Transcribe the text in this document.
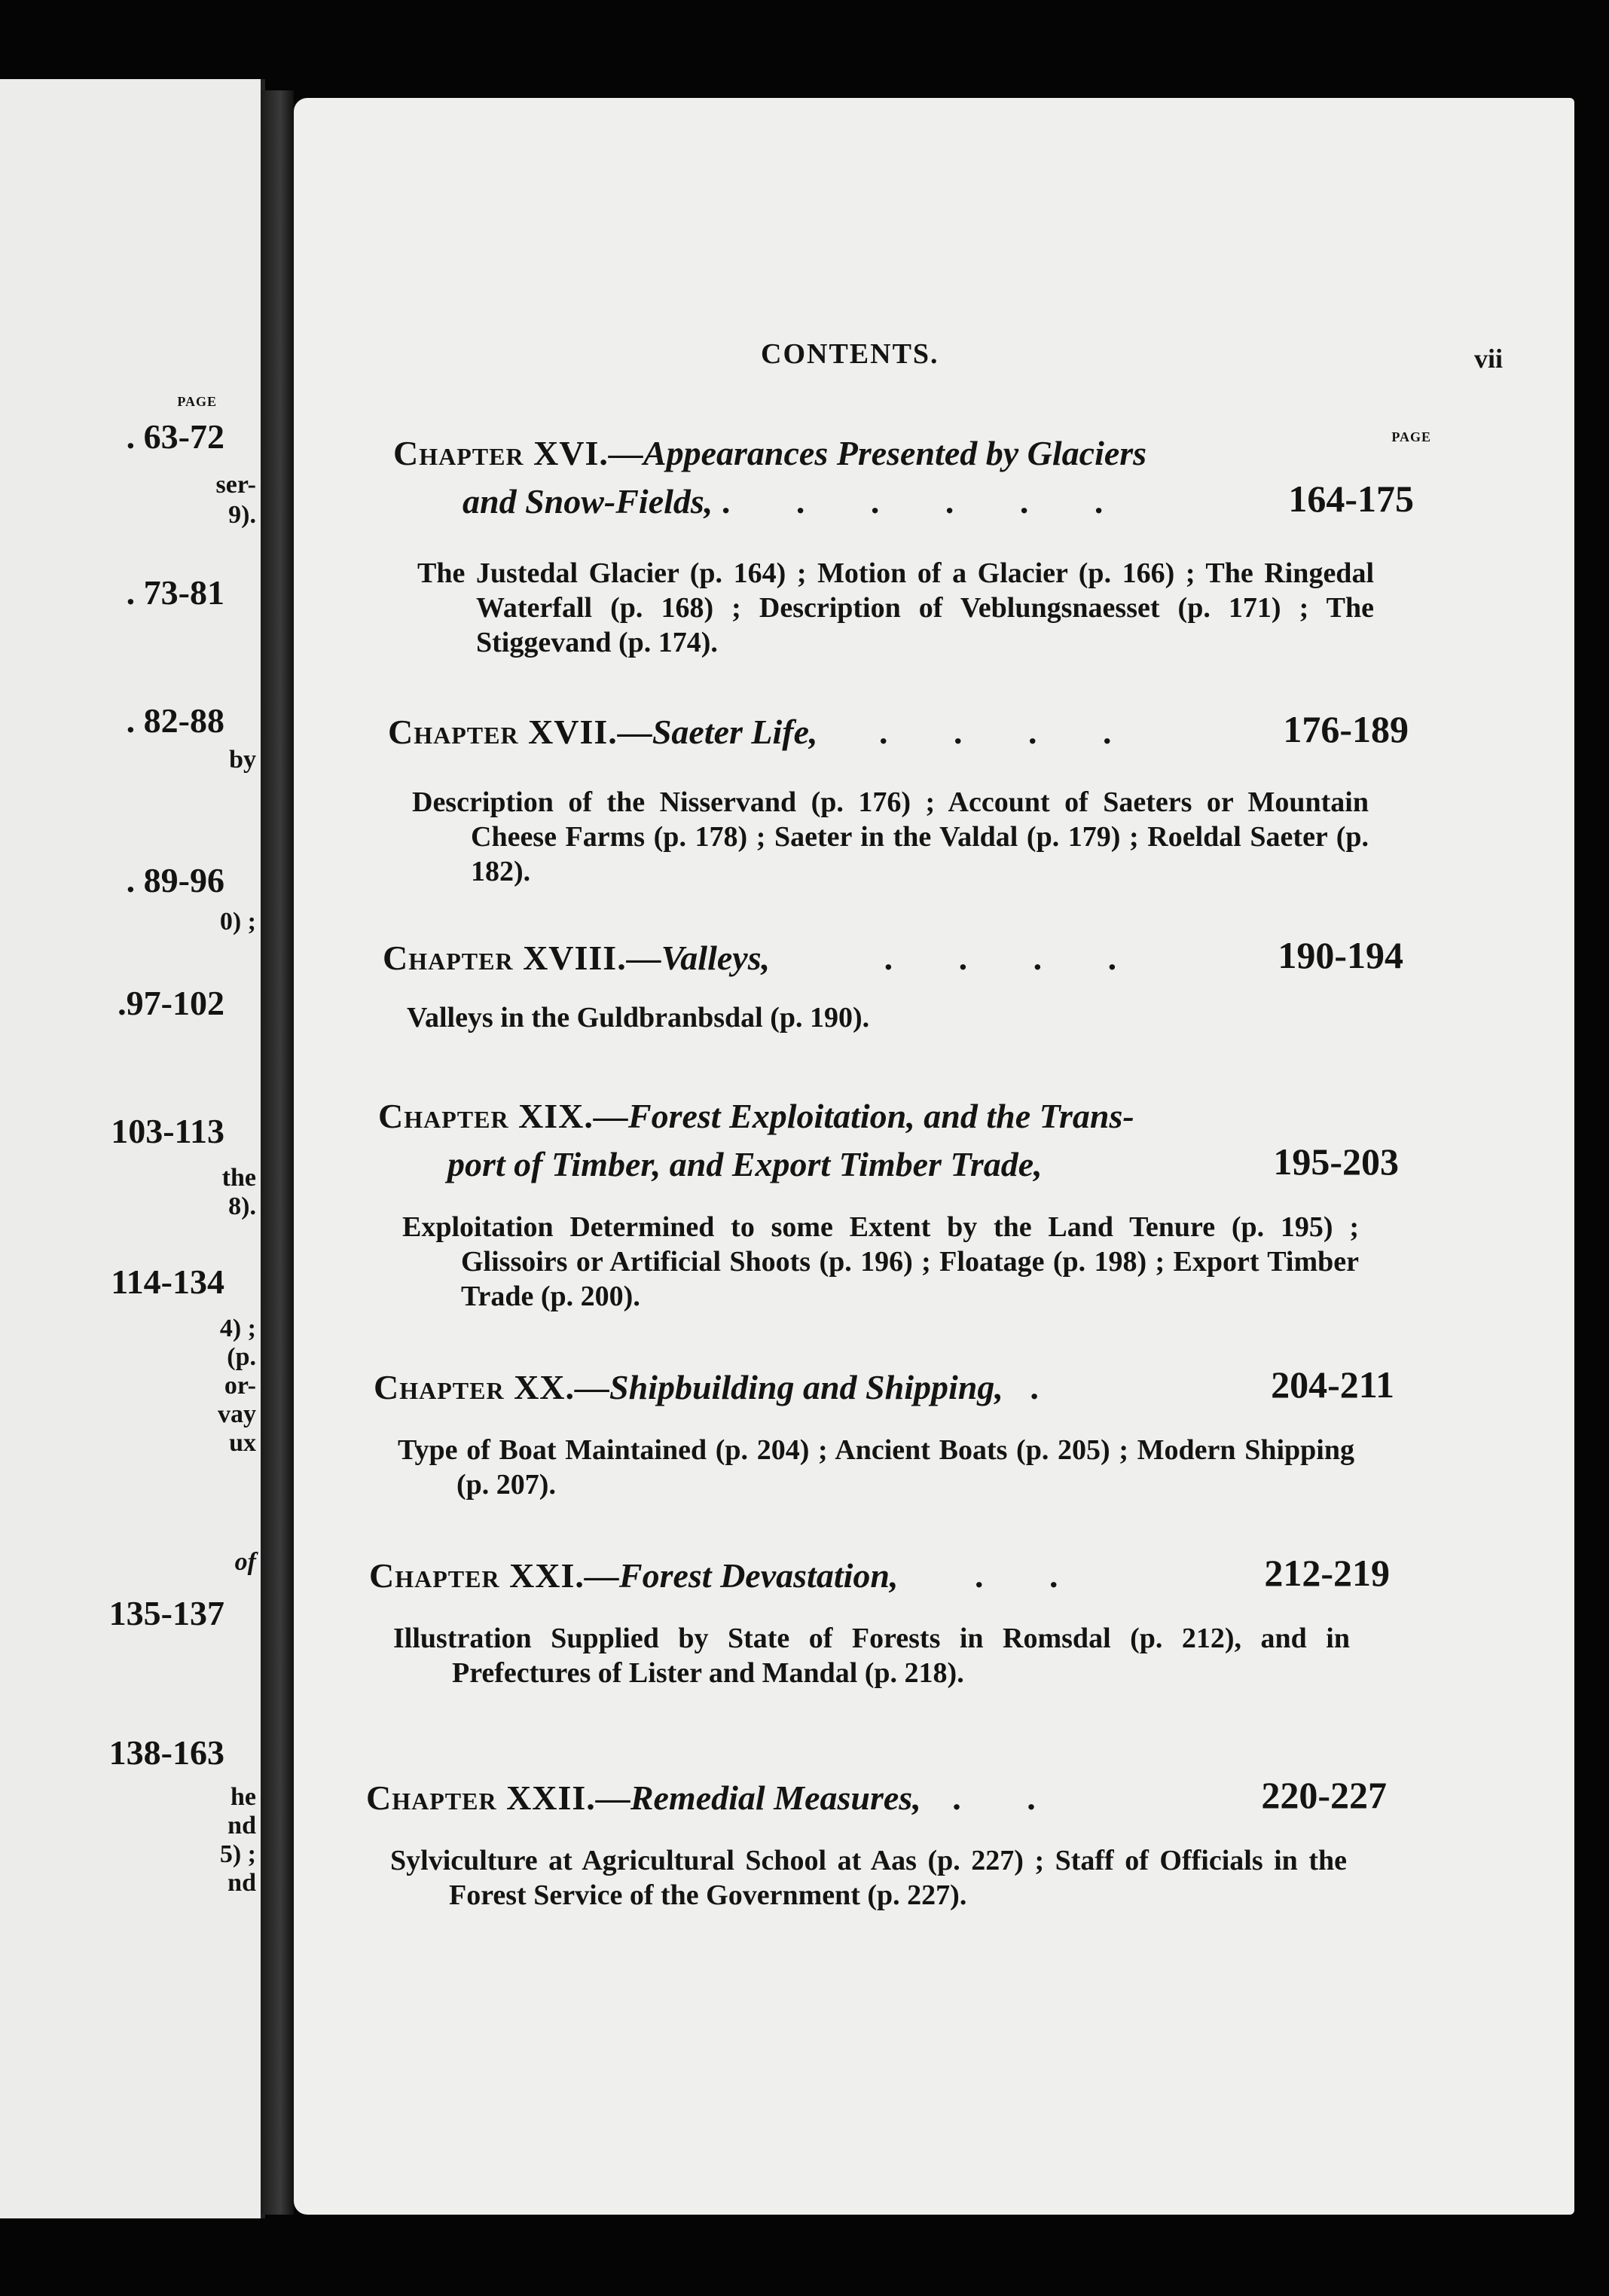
PAGE
. 63-72
ser-
9).
. 73-81
. 82-88
by
. 89-96
0) ;
.97-102
103-113
the
8).
114-134
4) ;
(p.
or-
vay
ux
of
135-137
138-163
he
nd
5) ;
nd
CONTENTS.	vii
PAGE
Chapter XVI.—Appearances Presented by Glaciers
and Snow-Fields, . . . . . .	164-175
The Justedal Glacier (p. 164) ; Motion of a Glacier (p. 166) ; The Ringedal Waterfall (p. 168) ; Description of Veblungsnaesset (p. 171) ; The Stiggevand (p. 174).
Chapter XVII.—Saeter Life, . . . .	176-189
Description of the Nisservand (p. 176) ; Account of Saeters or Mountain Cheese Farms (p. 178) ; Saeter in the Valdal (p. 179) ; Roeldal Saeter (p. 182).
Chapter XVIII.—Valleys,	. . . .	190-194
Valleys in the Guldbranbsdal (p. 190).
Chapter XIX.—Forest Exploitation, and the Trans-
port of Timber, and Export Timber Trade,	195-203
Exploitation Determined to some Extent by the Land Tenure (p. 195) ; Glissoirs or Artificial Shoots (p. 196) ; Floatage (p. 198) ; Export Timber Trade (p. 200).
Chapter XX.—Shipbuilding and Shipping, .	204-211
Type of Boat Maintained (p. 204) ; Ancient Boats (p. 205) ; Modern Shipping (p. 207).
Chapter XXI.—Forest Devastation, . .	212-219
Illustration Supplied by State of Forests in Romsdal (p. 212), and in Prefectures of Lister and Mandal (p. 218).
Chapter XXII.—Remedial Measures, . .	220-227
Sylviculture at Agricultural School at Aas (p. 227) ; Staff of Officials in the Forest Service of the Government (p. 227).
